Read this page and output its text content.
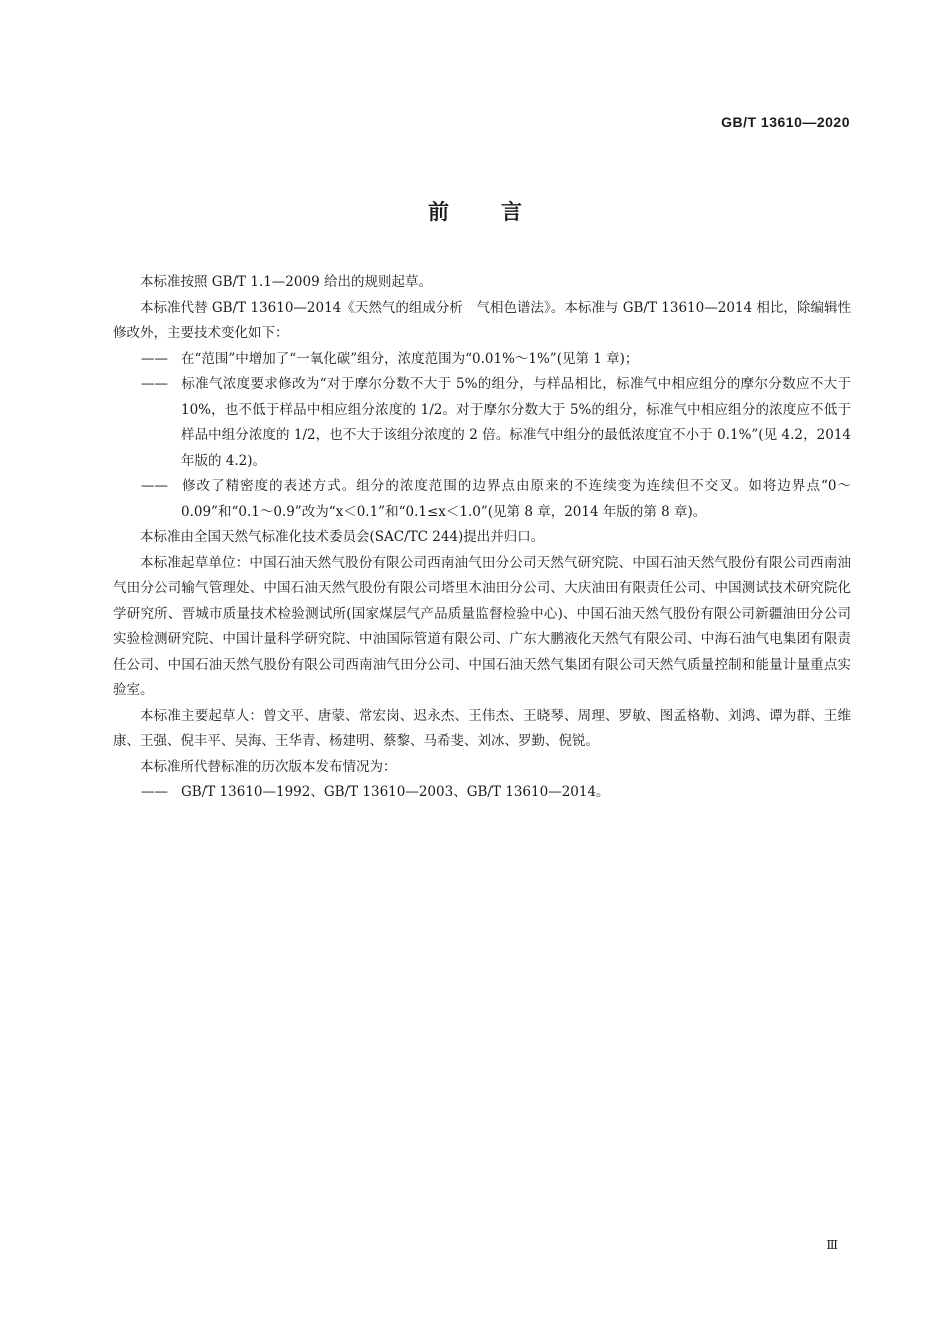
GB/T 13610—2020
前言

本标准按照 GB/T 1.1—2009 给出的规则起草。

本标准代替 GB/T 13610—2014《天然气的组成分析　气相色谱法》。本标准与 GB/T 13610—2014 相比，除编辑性修改外，主要技术变化如下：

—— 在“范围”中增加了“一氧化碳”组分，浓度范围为“0.01%～1%”(见第 1 章)；

—— 标准气浓度要求修改为“对于摩尔分数不大于 5%的组分，与样品相比，标准气中相应组分的摩尔分数应不大于 10%，也不低于样品中相应组分浓度的 1/2。对于摩尔分数大于 5%的组分，标准气中相应组分的浓度应不低于样品中组分浓度的 1/2，也不大于该组分浓度的 2 倍。标准气中组分的最低浓度宜不小于 0.1%”(见 4.2，2014 年版的 4.2)。

—— 修改了精密度的表述方式。组分的浓度范围的边界点由原来的不连续变为连续但不交叉。如将边界点“0～0.09”和“0.1～0.9”改为“x＜0.1”和“0.1≤x＜1.0”(见第 8 章，2014 年版的第 8 章)。

本标准由全国天然气标准化技术委员会(SAC/TC 244)提出并归口。

本标准起草单位：中国石油天然气股份有限公司西南油气田分公司天然气研究院、中国石油天然气股份有限公司西南油气田分公司输气管理处、中国石油天然气股份有限公司塔里木油田分公司、大庆油田有限责任公司、中国测试技术研究院化学研究所、晋城市质量技术检验测试所(国家煤层气产品质量监督检验中心)、中国石油天然气股份有限公司新疆油田分公司实验检测研究院、中国计量科学研究院、中油国际管道有限公司、广东大鹏液化天然气有限公司、中海石油气电集团有限责任公司、中国石油天然气股份有限公司西南油气田分公司、中国石油天然气集团有限公司天然气质量控制和能量计量重点实验室。

本标准主要起草人：曾文平、唐蒙、常宏岗、迟永杰、王伟杰、王晓琴、周理、罗敏、图孟格勒、刘鸿、谭为群、王维康、王强、倪丰平、吴海、王华青、杨建明、蔡黎、马希斐、刘冰、罗勤、倪锐。

本标准所代替标准的历次版本发布情况为：

—— GB/T 13610—1992、GB/T 13610—2003、GB/T 13610—2014。

Ⅲ
